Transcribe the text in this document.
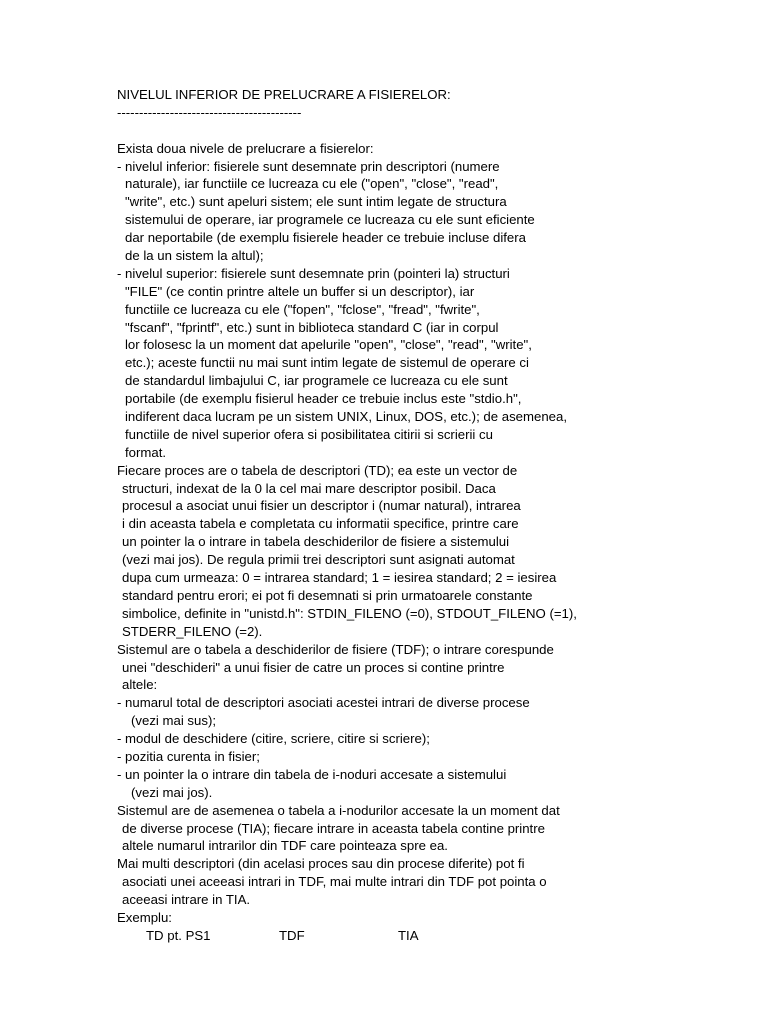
NIVELUL INFERIOR DE PRELUCRARE A FISIERELOR:
------------------------------------------
Exista doua nivele de prelucrare a fisierelor:
- nivelul inferior: fisierele sunt desemnate prin descriptori (numere
naturale), iar functiile ce lucreaza cu ele ("open", "close", "read",
"write", etc.) sunt apeluri sistem; ele sunt intim legate de structura
sistemului de operare, iar programele ce lucreaza cu ele sunt eficiente
dar neportabile (de exemplu fisierele header ce trebuie incluse difera
de la un sistem la altul);
- nivelul superior: fisierele sunt desemnate prin (pointeri la) structuri
"FILE" (ce contin printre altele un buffer si un descriptor), iar
functiile ce lucreaza cu ele ("fopen", "fclose", "fread", "fwrite",
"fscanf", "fprintf", etc.) sunt in biblioteca standard C (iar in corpul
lor folosesc la un moment dat apelurile "open", "close", "read", "write",
etc.); aceste functii nu mai sunt intim legate de sistemul de operare ci
de standardul limbajului C, iar programele ce lucreaza cu ele sunt
portabile (de exemplu fisierul header ce trebuie inclus este "stdio.h",
indiferent daca lucram pe un sistem UNIX, Linux, DOS, etc.); de asemenea,
functiile de nivel superior ofera si posibilitatea citirii si scrierii cu
format.
Fiecare proces are o tabela de descriptori (TD); ea este un vector de
structuri, indexat de la 0 la cel mai mare descriptor posibil. Daca
procesul a asociat unui fisier un descriptor i (numar natural), intrarea
i din aceasta tabela e completata cu informatii specifice, printre care
un pointer la o intrare in tabela deschiderilor de fisiere a sistemului
(vezi mai jos). De regula primii trei descriptori sunt asignati automat
dupa cum urmeaza: 0 = intrarea standard; 1 = iesirea standard; 2 = iesirea
standard pentru erori; ei pot fi desemnati si prin urmatoarele constante
simbolice, definite in "unistd.h": STDIN_FILENO (=0), STDOUT_FILENO (=1),
STDERR_FILENO (=2).
Sistemul are o tabela a deschiderilor de fisiere (TDF); o intrare corespunde
unei "deschideri" a unui fisier de catre un proces si contine printre
altele:
- numarul total de descriptori asociati acestei intrari de diverse procese
(vezi mai sus);
- modul de deschidere (citire, scriere, citire si scriere);
- pozitia curenta in fisier;
- un pointer la o intrare din tabela de i-noduri accesate a sistemului
(vezi mai jos).
Sistemul are de asemenea o tabela a i-nodurilor accesate la un moment dat
de diverse procese (TIA); fiecare intrare in aceasta tabela contine printre
altele numarul intrarilor din TDF care pointeaza spre ea.
Mai multi descriptori (din acelasi proces sau din procese diferite) pot fi
asociati unei aceeasi intrari in TDF, mai multe intrari din TDF pot pointa o
aceeasi intrare in TIA.
Exemplu:
TD pt. PS1	TDF	TIA
